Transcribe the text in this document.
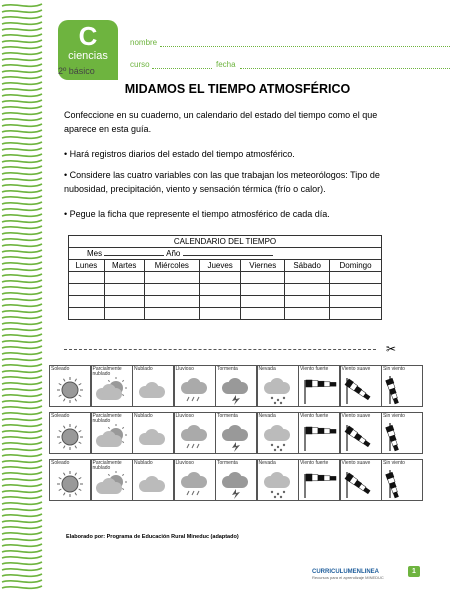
C
ciencias
2º básico
nombre
curso	fecha
MIDAMOS EL TIEMPO ATMOSFÉRICO
Confeccione en su cuaderno, un calendario del estado del tiempo como el que aparece en esta guía.
• Hará registros diarios del estado del tiempo atmosférico.
• Considere las cuatro variables con las que trabajan los meteorólogos: Tipo de nubosidad, precipitación, viento y sensación térmica (frío o calor).
• Pegue la ficha que represente el tiempo atmosférico de cada día.
CALENDARIO DEL TIEMPO						
Mes Año						
Lunes	Martes	Miércoles	Jueves	Viernes	Sábado	Domingo

✂
Soleado	Parcialmente nublado
Nublado	Lluvioso	Tormenta	Nevada	Viento fuerte	Viento suave	Sin viento
Soleado	Parcialmente nublado
Nublado	Lluvioso	Tormenta	Nevada	Viento fuerte	Viento suave	Sin viento
Soleado	Parcialmente nublado
Nublado	Lluvioso	Tormenta	Nevada	Viento fuerte	Viento suave	Sin viento
Elaborado por: Programa de Educación Rural Mineduc (adaptado)
CURRICULUMENLINEA
Recursos para el aprendizaje MINEDUC
1
